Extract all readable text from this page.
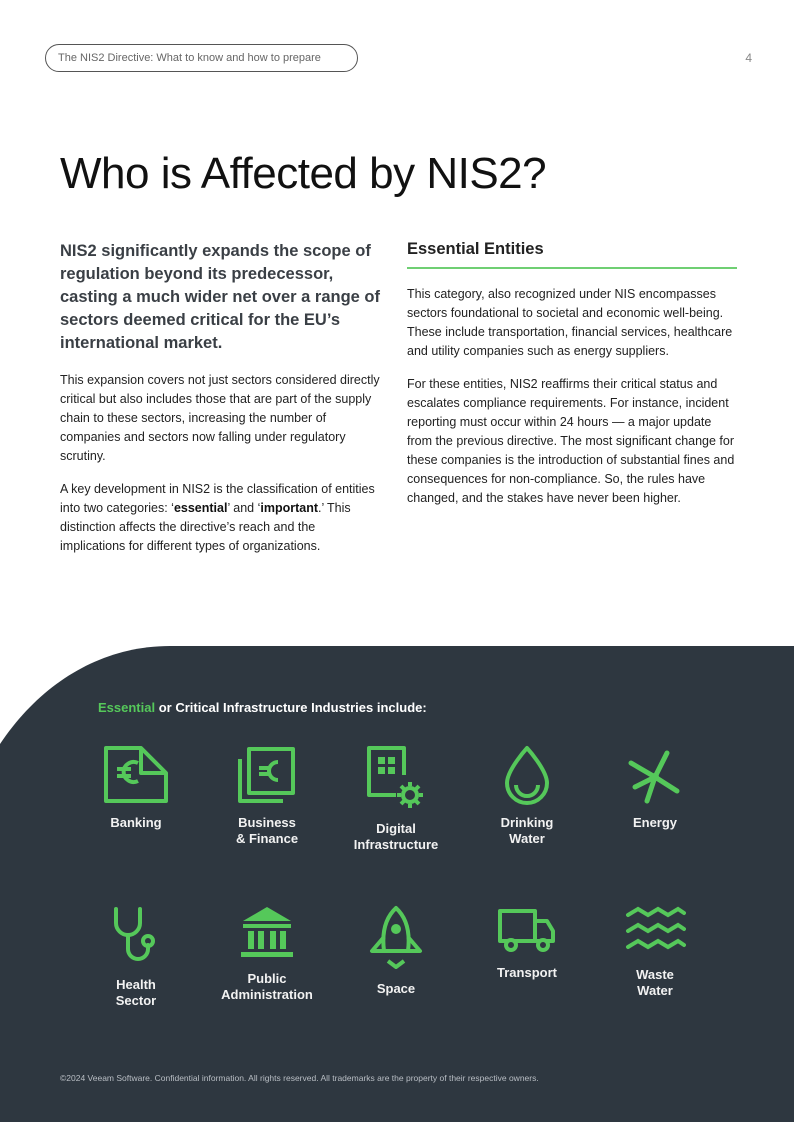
The NIS2 Directive: What to know and how to prepare	4
Who is Affected by NIS2?

NIS2 significantly expands the scope of regulation beyond its predecessor, casting a much wider net over a range of sectors deemed critical for the EU’s international market.

This expansion covers not just sectors considered directly critical but also includes those that are part of the supply chain to these sectors, increasing the number of companies and sectors now falling under regulatory scrutiny.

A key development in NIS2 is the classification of entities into two categories: ‘essential’ and ‘important.’ This distinction affects the directive’s reach and the implications for different types of organizations.

Essential Entities

This category, also recognized under NIS encompasses sectors foundational to societal and economic well-being. These include transportation, financial services, healthcare and utility companies such as energy suppliers.

For these entities, NIS2 reaffirms their critical status and escalates compliance requirements. For instance, incident reporting must occur within 24 hours — a major update from the previous directive. The most significant change for these companies is the introduction of substantial fines and consequences for non-compliance. So, the rules have changed, and the stakes have never been higher.

Essential or Critical Infrastructure Industries include:
Banking	Business
& Finance
Digital
Infrastructure
Drinking
Water
Energy
Health
Sector
Public
Administration	Space
Transport	Waste
Water
©2024 Veeam Software. Confidential information. All rights reserved. All trademarks are the property of their respective owners.
